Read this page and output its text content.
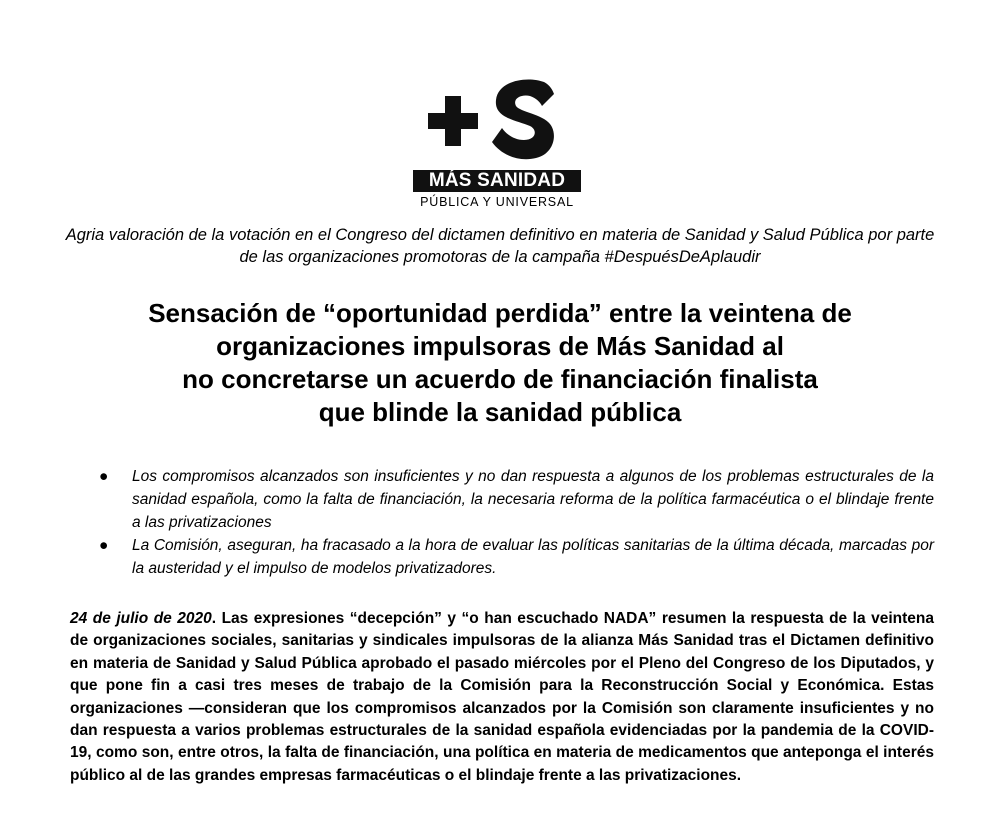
MÁS SANIDAD
PÚBLICA Y UNIVERSAL
Agria valoración de la votación en el Congreso del dictamen definitivo en materia de Sanidad y Salud Pública por parte de las organizaciones promotoras de la campaña #DespuésDeAplaudir
Sensación de “oportunidad perdida” entre la veintena de
organizaciones impulsoras de Más Sanidad al
no concretarse un acuerdo de financiación finalista
que blinde la sanidad pública
● Los compromisos alcanzados son insuficientes y no dan respuesta a algunos de los problemas estructurales de la sanidad española, como la falta de financiación, la necesaria reforma de la política farmacéutica o el blindaje frente a las privatizaciones
● La Comisión, aseguran, ha fracasado a la hora de evaluar las políticas sanitarias de la última década, marcadas por la austeridad y el impulso de modelos privatizadores.

24 de julio de 2020. Las expresiones “decepción” y “o han escuchado NADA” resumen la respuesta de la veintena de organizaciones sociales, sanitarias y sindicales impulsoras de la alianza Más Sanidad tras el Dictamen definitivo en materia de Sanidad y Salud Pública aprobado el pasado miércoles por el Pleno del Congreso de los Diputados, y que pone fin a casi tres meses de trabajo de la Comisión para la Reconstrucción Social y Económica. Estas organizaciones —consideran que los compromisos alcanzados por la Comisión son claramente insuficientes y no dan respuesta a varios problemas estructurales de la sanidad española evidenciadas por la pandemia de la COVID-19, como son, entre otros, la falta de financiación, una política en materia de medicamentos que anteponga el interés público al de las grandes empresas farmacéuticas o el blindaje frente a las privatizaciones.
